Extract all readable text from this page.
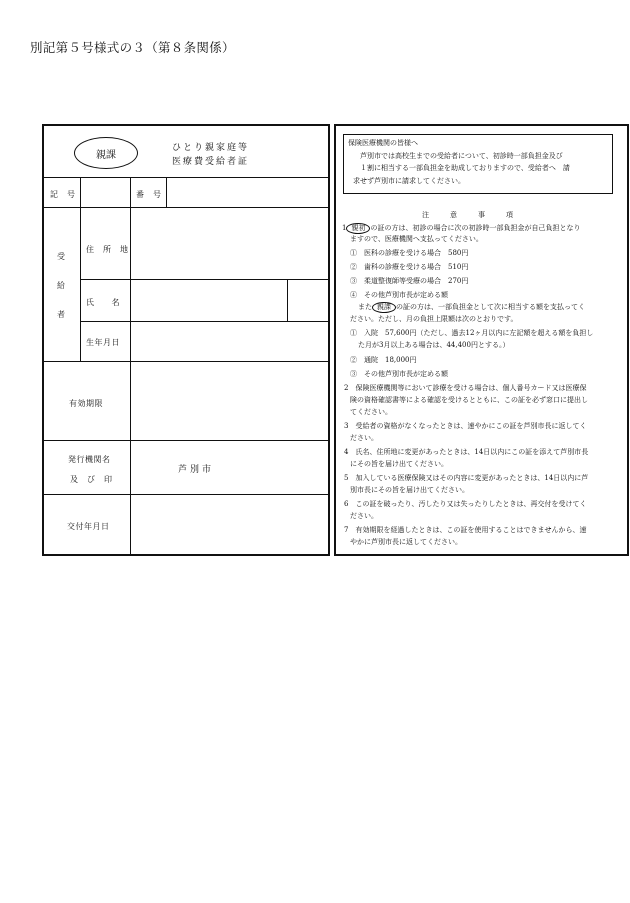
別記第５号様式の３（第８条関係）
親課
ひとり親家庭等
医療費受給者証
記　号	番　号
受
給
者
住　所　地
氏　　名
生年月日
有効期限
発行機関名
及　び　印
芦別市
交付年月日
保険医療機関の皆様へ
芦別市では高校生までの受給者について、初診時一部負担金及び
１割に相当する一部負担金を助成しておりますので、受給者へ　請
求せず芦別市に請求してください。
注　　　意　　　事　　　項
1 親初 の証の方は、初診の場合に次の初診時一部負担金が自己負担となり
ますので、医療機関へ支払ってください。
①　医科の診療を受ける場合　580円
②　歯科の診療を受ける場合　510円
③　柔道整復師等受療の場合　270円
④　その他芦別市長が定める額
また 親課 の証の方は、一部負担金として次に相当する額を支払ってく
ださい。ただし、月の負担上限額は次のとおりです。
①　入院　57,600円（ただし、過去12ヶ月以内に左記額を超える額を負担し
た月が3月以上ある場合は、44,400円とする。）
②　通院　18,000円
③　その他芦別市長が定める額
2　保険医療機関等において診療を受ける場合は、個人番号カード又は医療保
険の資格確認書等による確認を受けるとともに、この証を必ず窓口に提出し
てください。
3　受給者の資格がなくなったときは、速やかにこの証を芦別市長に返してく
ださい。
4　氏名、住所地に変更があったときは、14日以内にこの証を添えて芦別市長
にその旨を届け出てください。
5　加入している医療保険又はその内容に変更があったときは、14日以内に芦
別市長にその旨を届け出てください。
6　この証を破ったり、汚したり又は失ったりしたときは、再交付を受けてく
ださい。
7　有効期限を経過したときは、この証を使用することはできませんから、速
やかに芦別市長に返してください。
